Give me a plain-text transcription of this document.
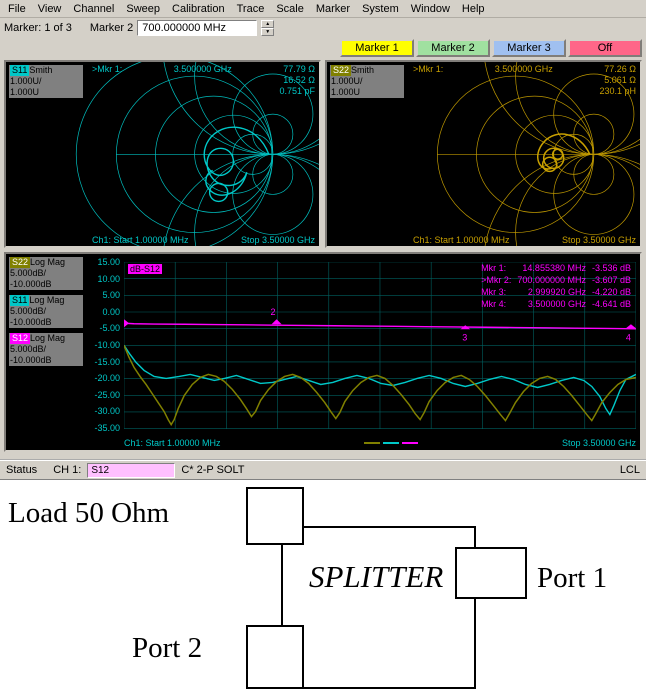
File	View	Channel	Sweep	Calibration	Trace	Scale	Marker	System	Window	Help
Marker: 1 of 3 Marker 2 700.000000 MHz	▲
▼
Marker 1	Marker 2	Marker 3	Off
S11 Smith
1.000U/
1.000U
>Mkr 1:	3.500000 GHz	77.79 Ω
16.52 Ω
0.751 pF
Ch1: Start 1.00000 MHz	Stop 3.50000 GHz
S22 Smith
1.000U/
1.000U
>Mkr 1:	3.500000 GHz	77.26 Ω
5.061 Ω
230.1 pH
Ch1: Start 1.00000 MHz	Stop 3.50000 GHz
S22 Log Mag
5.000dB/
-10.000dB
S11 Log Mag
5.000dB/
-10.000dB
S12 Log Mag
5.000dB/
-10.000dB
15.00
10.00
5.00
0.00
-5.00
-10.00
-15.00
-20.00
-25.00
-30.00
-35.00
2
3	4
dB-S12	Mkr 1:	14.855380 MHz	-3.536 dB
>Mkr 2:	700.000000 MHz	-3.607 dB
Mkr 3:	2.999920 GHz	-4.220 dB
Mkr 4:	3.500000 GHz	-4.641 dB
Ch1: Start 1.00000 MHz	Stop 3.50000 GHz
Status CH 1:	S12	C* 2-P SOLT	LCL
SPLITTER
Load 50 Ohm
Port 1
Port 2
